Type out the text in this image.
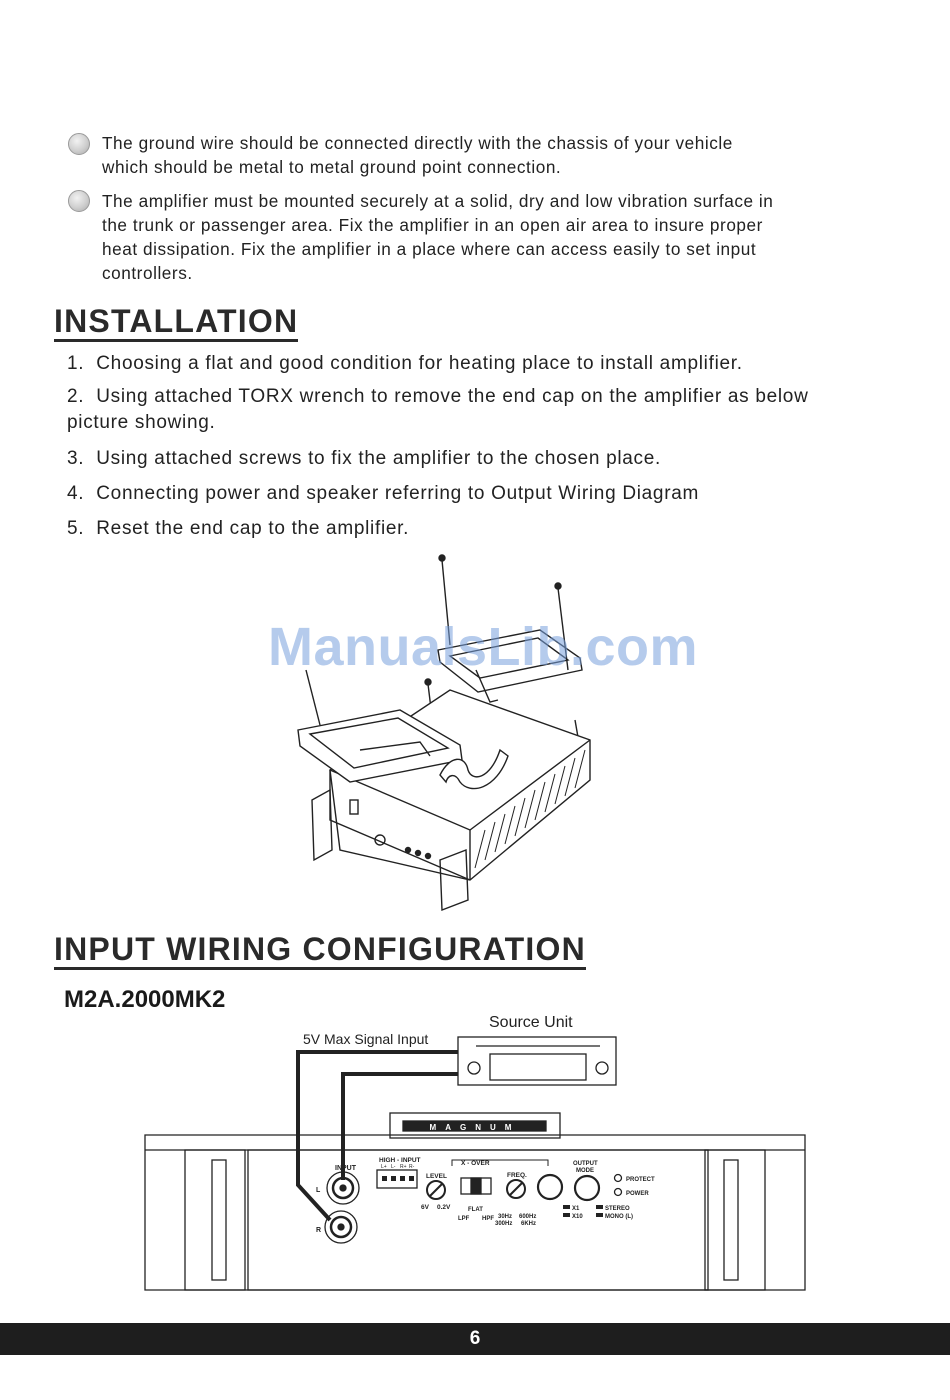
The ground wire should be connected directly with the chassis of your vehicle
which should be metal to metal ground point connection.
The amplifier must be mounted securely at a solid, dry and low vibration surface in
the trunk or passenger area. Fix the amplifier in an open air area to insure proper
heat dissipation. Fix the amplifier in a place where can access easily to set input
controllers.
INSTALLATION
1. Choosing a flat and good condition for heating place to install amplifier.
2. Using attached TORX wrench to remove the end cap on the amplifier as below
picture showing.
3. Using attached screws to fix the amplifier to the chosen place.
4. Connecting power and speaker referring to Output Wiring Diagram
5. Reset the end cap to the amplifier.
ManualsLib.com
INPUT WIRING CONFIGURATION
M2A.2000MK2
Source Unit
5V Max Signal Input
MAGNUM
INPUT
L
R
HIGH - INPUT
L+ L- R+ R-
LEVEL
6V 0.2V
X - OVER
FLAT
LPF HPF
FREQ.
30Hz
300Hz
600Hz
6KHz
X1
X10
OUTPUT
MODE
STEREO
MONO (L)
PROTECT
POWER
6
